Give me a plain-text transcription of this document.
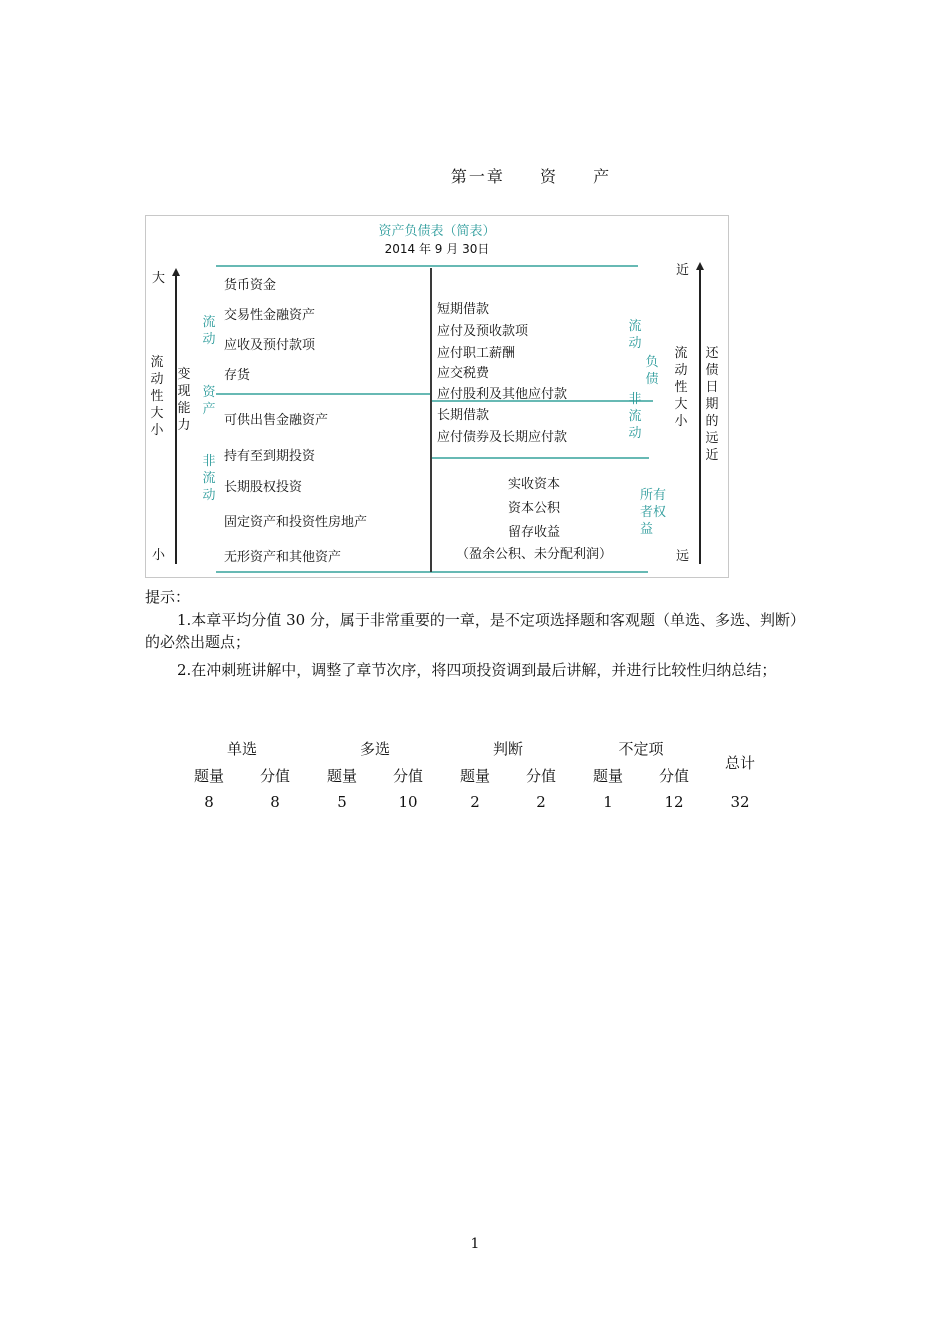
第一章 资 产
资产负债表（简表）
2014 年 9 月 30日
大
小
流动性大小
变现能力
流动
资产
非流动
货币资金
交易性金融资产
应收及预付款项
存货
可供出售金融资产
持有至到期投资
长期股权投资
固定资产和投资性房地产
无形资产和其他资产
短期借款
应付及预收款项
应付职工薪酬
应交税费
应付股利及其他应付款
长期借款
应付债券及长期应付款
实收资本
资本公积
留存收益
（盈余公积、未分配利润）
流动
负债
非流动
所有者权益
近
远
流动性大小
还债日期的远近
提示：
1.本章平均分值 30 分，属于非常重要的一章，是不定项选择题和客观题（单选、多选、判断）的必然出题点；
2.在冲刺班讲解中，调整了章节次序，将四项投资调到最后讲解，并进行比较性归纳总结；
单选	多选	判断	不定项
总计
题量	分值	题量	分值	题量	分值	题量	分值
8	8	5	10	2	2	1	12	32
1
